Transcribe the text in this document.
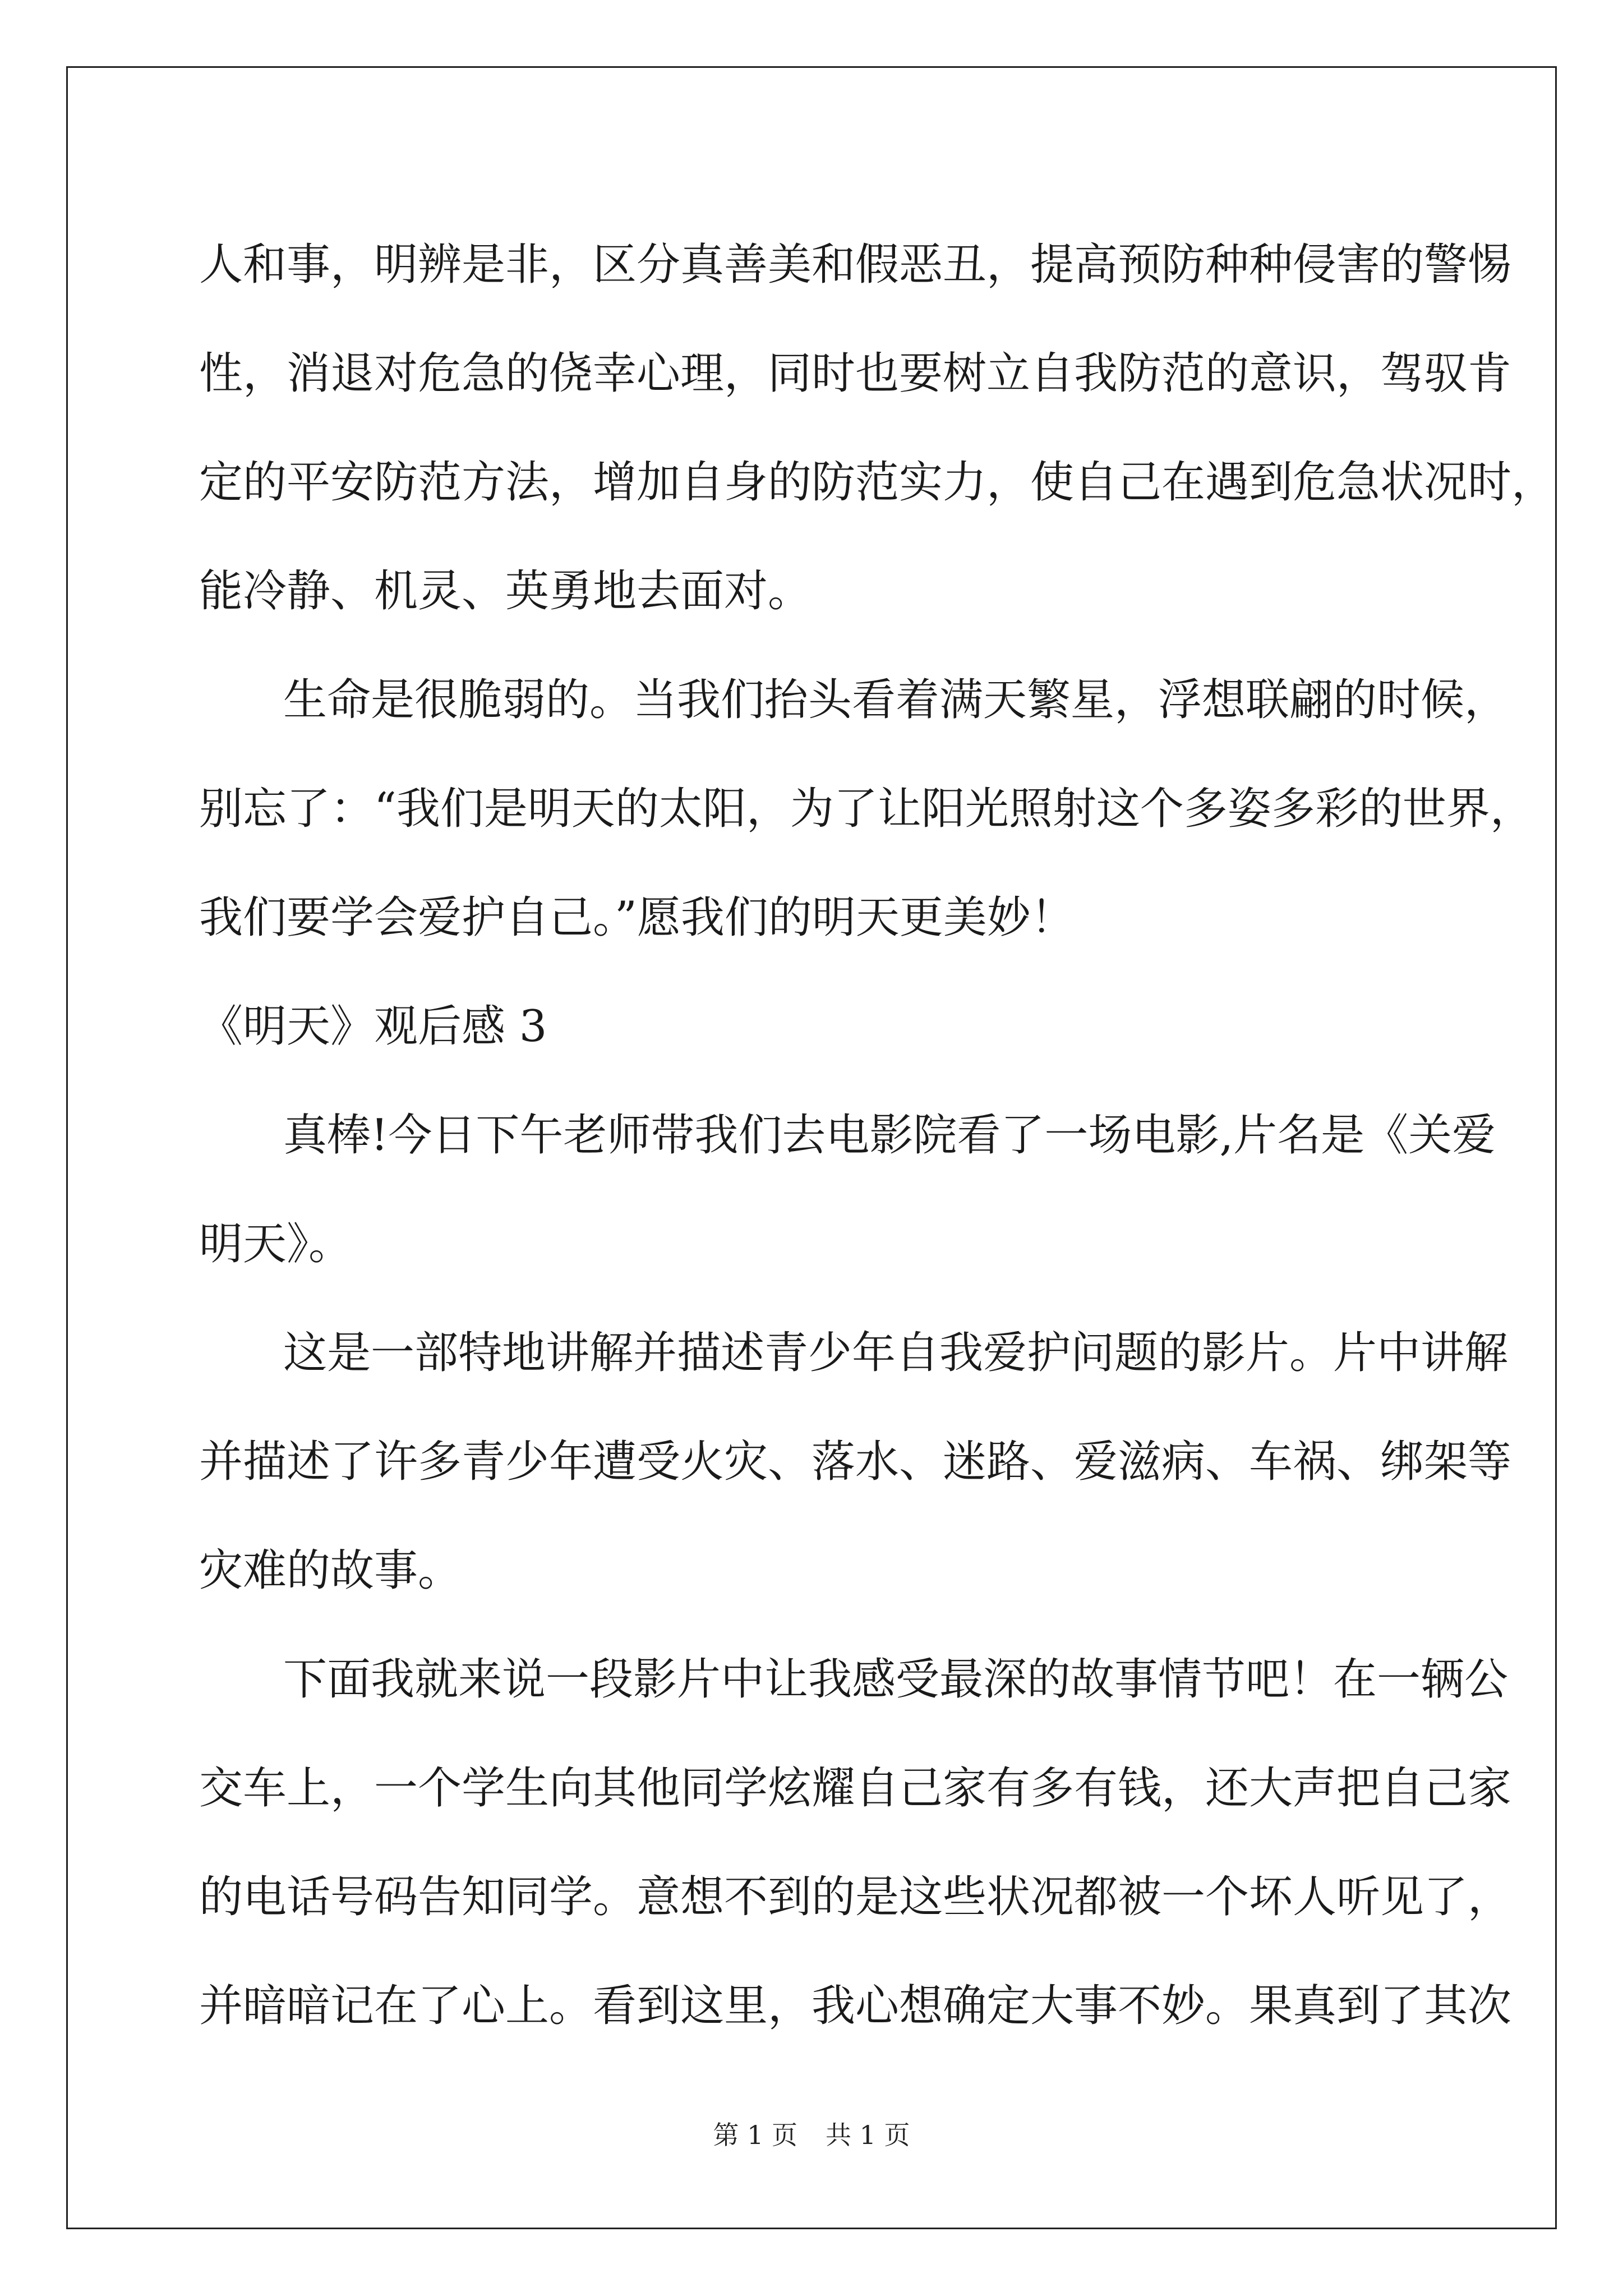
人和事，明辨是非，区分真善美和假恶丑，提高预防种种侵害的警惕

性，消退对危急的侥幸心理，同时也要树立自我防范的意识，驾驭肯

定的平安防范方法，增加自身的防范实力，使自己在遇到危急状况时，

能冷静、机灵、英勇地去面对。

生命是很脆弱的。当我们抬头看着满天繁星，浮想联翩的时候，

别忘了：“我们是明天的太阳，为了让阳光照射这个多姿多彩的世界，

我们要学会爱护自己。”愿我们的明天更美妙！

《明天》观后感 3

真棒!今日下午老师带我们去电影院看了一场电影,片名是《关爱

明天》。

这是一部特地讲解并描述青少年自我爱护问题的影片。片中讲解

并描述了许多青少年遭受火灾、落水、迷路、爱滋病、车祸、绑架等

灾难的故事。

下面我就来说一段影片中让我感受最深的故事情节吧！在一辆公

交车上，一个学生向其他同学炫耀自己家有多有钱，还大声把自己家

的电话号码告知同学。意想不到的是这些状况都被一个坏人听见了，

并暗暗记在了心上。看到这里，我心想确定大事不妙。果真到了其次

第 1 页 共 1 页
